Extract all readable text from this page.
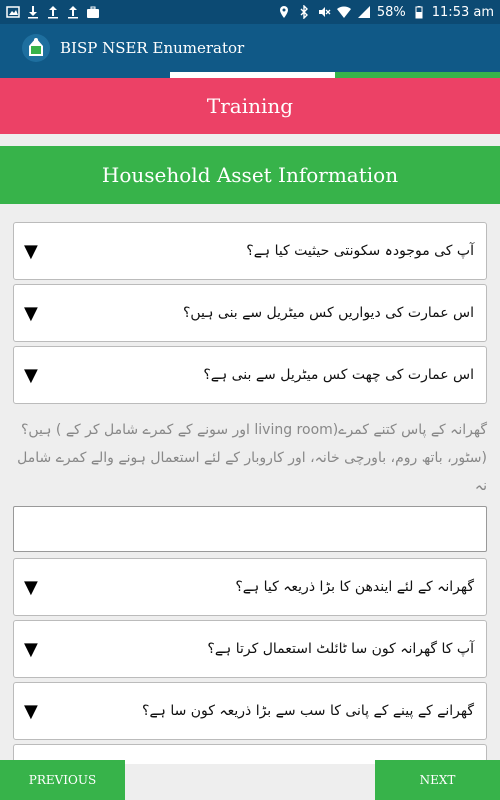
58% 11:53 am
BISP NSER Enumerator
Training
Household Asset Information
▼	آپ کی موجودہ سکونتی حیثیت کیا ہے؟
▼	اس عمارت کی دیواریں کس میٹریل سے بنی ہیں؟
▼	اس عمارت کی چھت کس میٹریل سے بنی ہے؟
گھرانہ کے پاس کتنے کمرے(living room اور سونے کے کمرے شامل کر کے ) ہیں؟
(سٹور، باتھ روم، باورچی خانہ، اور کاروبار کے لئے استعمال ہونے والے کمرے شامل نہ
▼	گھرانہ کے لئے ایندھن کا بڑا ذریعہ کیا ہے؟
▼	آپ کا گھرانہ کون سا ٹائلٹ استعمال کرتا ہے؟
▼	گھرانے کے پینے کے پانی کا سب سے بڑا ذریعہ کون سا ہے؟
PREVIOUS	NEXT
